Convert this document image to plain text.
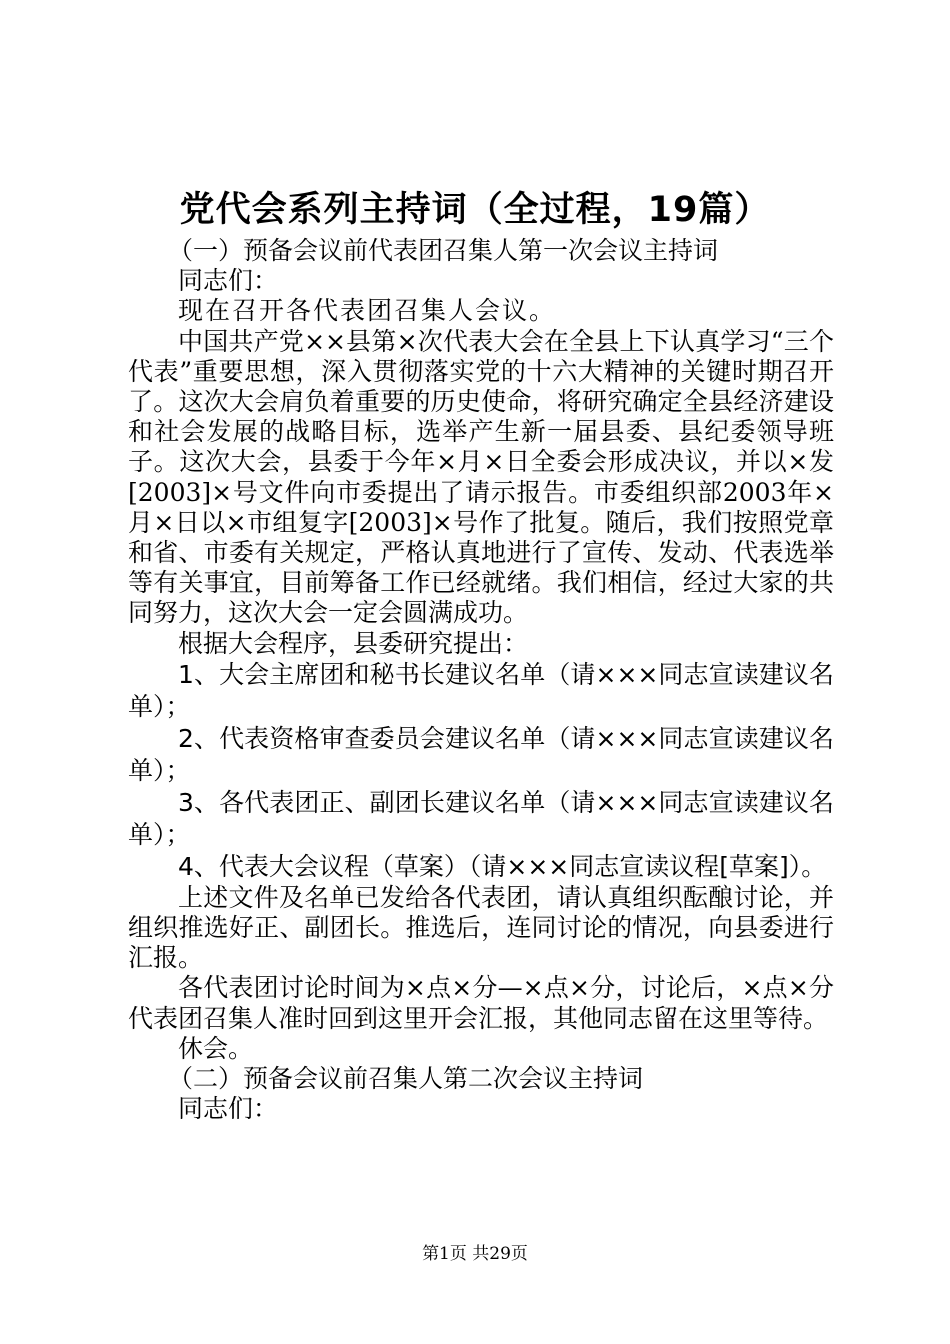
党代会系列主持词（全过程，19篇）

（一）预备会议前代表团召集人第一次会议主持词

同志们：

现在召开各代表团召集人会议。

中国共产党××县第×次代表大会在全县上下认真学习“三个代表”重要思想，深入贯彻落实党的十六大精神的关键时期召开了。这次大会肩负着重要的历史使命，将研究确定全县经济建设和社会发展的战略目标，选举产生新一届县委、县纪委领导班子。这次大会，县委于今年×月×日全委会形成决议，并以×发[2003]×号文件向市委提出了请示报告。市委组织部2003年×月×日以×市组复字[2003]×号作了批复。随后，我们按照党章和省、市委有关规定，严格认真地进行了宣传、发动、代表选举等有关事宜，目前筹备工作已经就绪。我们相信，经过大家的共同努力，这次大会一定会圆满成功。

根据大会程序，县委研究提出：

1、大会主席团和秘书长建议名单（请×××同志宣读建议名单）；

2、代表资格审查委员会建议名单（请×××同志宣读建议名单）；

3、各代表团正、副团长建议名单（请×××同志宣读建议名单）；

4、代表大会议程（草案）（请×××同志宣读议程[草案]）。

上述文件及名单已发给各代表团，请认真组织酝酿讨论，并组织推选好正、副团长。推选后，连同讨论的情况，向县委进行汇报。

各代表团讨论时间为×点×分—×点×分，讨论后，×点×分代表团召集人准时回到这里开会汇报，其他同志留在这里等待。

休会。

（二）预备会议前召集人第二次会议主持词

同志们：

第1页 共29页
